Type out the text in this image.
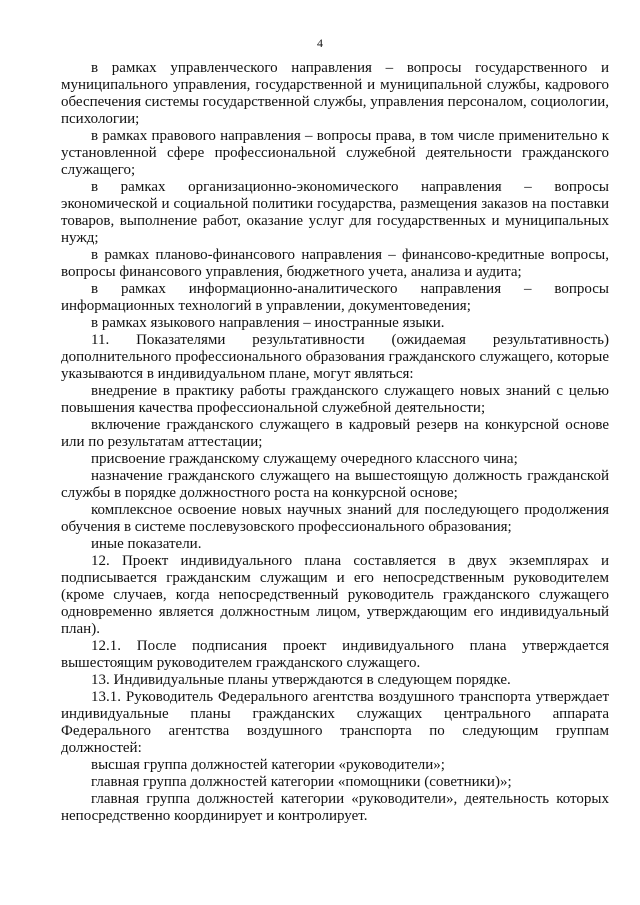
4

в рамках управленческого направления – вопросы государственного и муниципального управления, государственной и муниципальной службы, кадрового обеспечения системы государственной службы, управления персоналом, социологии, психологии;

в рамках правового направления – вопросы права, в том числе применительно к установленной сфере профессиональной служебной деятельности гражданского служащего;

в рамках организационно-экономического направления – вопросы экономической и социальной политики государства, размещения заказов на поставки товаров, выполнение работ, оказание услуг для государственных и муниципальных нужд;

в рамках планово-финансового направления – финансово-кредитные вопросы, вопросы финансового управления, бюджетного учета, анализа и аудита;

в рамках информационно-аналитического направления – вопросы информационных технологий в управлении, документоведения;

в рамках языкового направления – иностранные языки.

11. Показателями результативности (ожидаемая результативность) дополнительного профессионального образования гражданского служащего, которые указываются в индивидуальном плане, могут являться:

внедрение в практику работы гражданского служащего новых знаний с целью повышения качества профессиональной служебной деятельности;

включение гражданского служащего в кадровый резерв на конкурсной основе или по результатам аттестации;

присвоение гражданскому служащему очередного классного чина;

назначение гражданского служащего на вышестоящую должность гражданской службы в порядке должностного роста на конкурсной основе;

комплексное освоение новых научных знаний для последующего продолжения обучения в системе послевузовского профессионального образования;

иные показатели.

12. Проект индивидуального плана составляется в двух экземплярах и подписывается гражданским служащим и его непосредственным руководителем (кроме случаев, когда непосредственный руководитель гражданского служащего одновременно является должностным лицом, утверждающим его индивидуальный план).

12.1. После подписания проект индивидуального плана утверждается вышестоящим руководителем гражданского служащего.

13. Индивидуальные планы утверждаются в следующем порядке.

13.1. Руководитель Федерального агентства воздушного транспорта утверждает индивидуальные планы гражданских служащих центрального аппарата Федерального агентства воздушного транспорта по следующим группам должностей:

высшая группа должностей категории «руководители»;

главная группа должностей категории «помощники (советники)»;

главная группа должностей категории «руководители», деятельность которых непосредственно координирует и контролирует.
